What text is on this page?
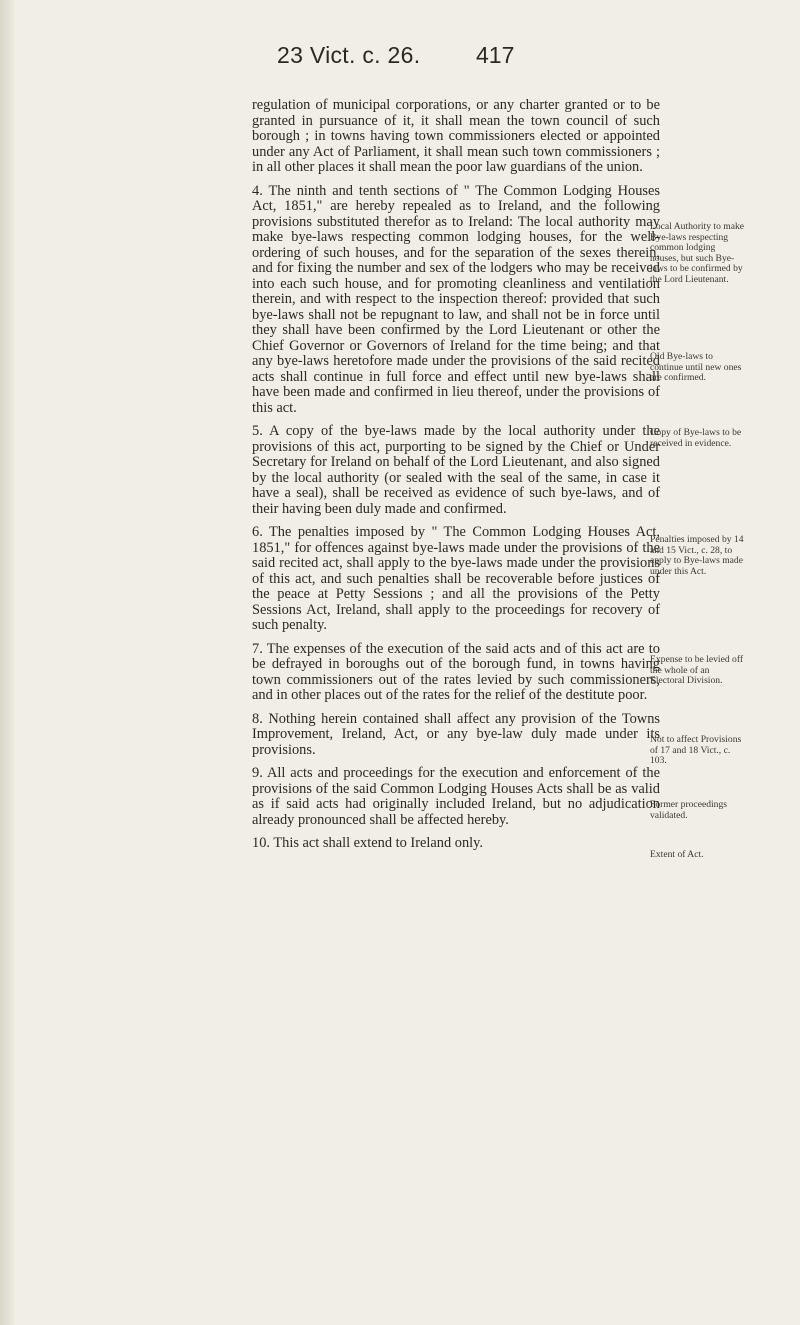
23 Vict. c. 26. 417

regulation of municipal corporations, or any charter granted or to be granted in pursuance of it, it shall mean the town council of such borough ; in towns having town commissioners elected or appointed under any Act of Parliament, it shall mean such town commissioners ; in all other places it shall mean the poor law guardians of the union.

4. The ninth and tenth sections of " The Common Lodging Houses Act, 1851," are hereby repealed as to Ireland, and the following provisions substituted therefor as to Ireland: The local authority may make bye-laws respecting common lodging houses, for the well-ordering of such houses, and for the separation of the sexes therein, and for fixing the number and sex of the lodgers who may be received into each such house, and for promoting cleanliness and ventilation therein, and with respect to the inspection thereof: provided that such bye-laws shall not be repugnant to law, and shall not be in force until they shall have been confirmed by the Lord Lieutenant or other the Chief Governor or Governors of Ireland for the time being; and that any bye-laws heretofore made under the provisions of the said recited acts shall continue in full force and effect until new bye-laws shall have been made and confirmed in lieu thereof, under the provisions of this act.

5. A copy of the bye-laws made by the local authority under the provisions of this act, purporting to be signed by the Chief or Under Secretary for Ireland on behalf of the Lord Lieutenant, and also signed by the local authority (or sealed with the seal of the same, in case it have a seal), shall be received as evidence of such bye-laws, and of their having been duly made and confirmed.

6. The penalties imposed by " The Common Lodging Houses Act, 1851," for offences against bye-laws made under the provisions of the said recited act, shall apply to the bye-laws made under the provisions of this act, and such penalties shall be recoverable before justices of the peace at Petty Sessions ; and all the provisions of the Petty Sessions Act, Ireland, shall apply to the proceedings for recovery of such penalty.

7. The expenses of the execution of the said acts and of this act are to be defrayed in boroughs out of the borough fund, in towns having town commissioners out of the rates levied by such commissioners, and in other places out of the rates for the relief of the destitute poor.

8. Nothing herein contained shall affect any provision of the Towns Improvement, Ireland, Act, or any bye-law duly made under its provisions.

9. All acts and proceedings for the execution and enforcement of the provisions of the said Common Lodging Houses Acts shall be as valid as if said acts had originally included Ireland, but no adjudication already pronounced shall be affected hereby.

10. This act shall extend to Ireland only.

Local Authority to make Bye-laws respecting common lodging houses, but such Bye-laws to be confirmed by the Lord Lieutenant.
Old Bye-laws to continue until new ones are confirmed.
Copy of Bye-laws to be received in evidence.
Penalties imposed by 14 and 15 Vict., c. 28, to apply to Bye-laws made under this Act.
Expense to be levied off the whole of an Electoral Division.
Not to affect Provisions of 17 and 18 Vict., c. 103.
Former proceedings validated.
Extent of Act.
